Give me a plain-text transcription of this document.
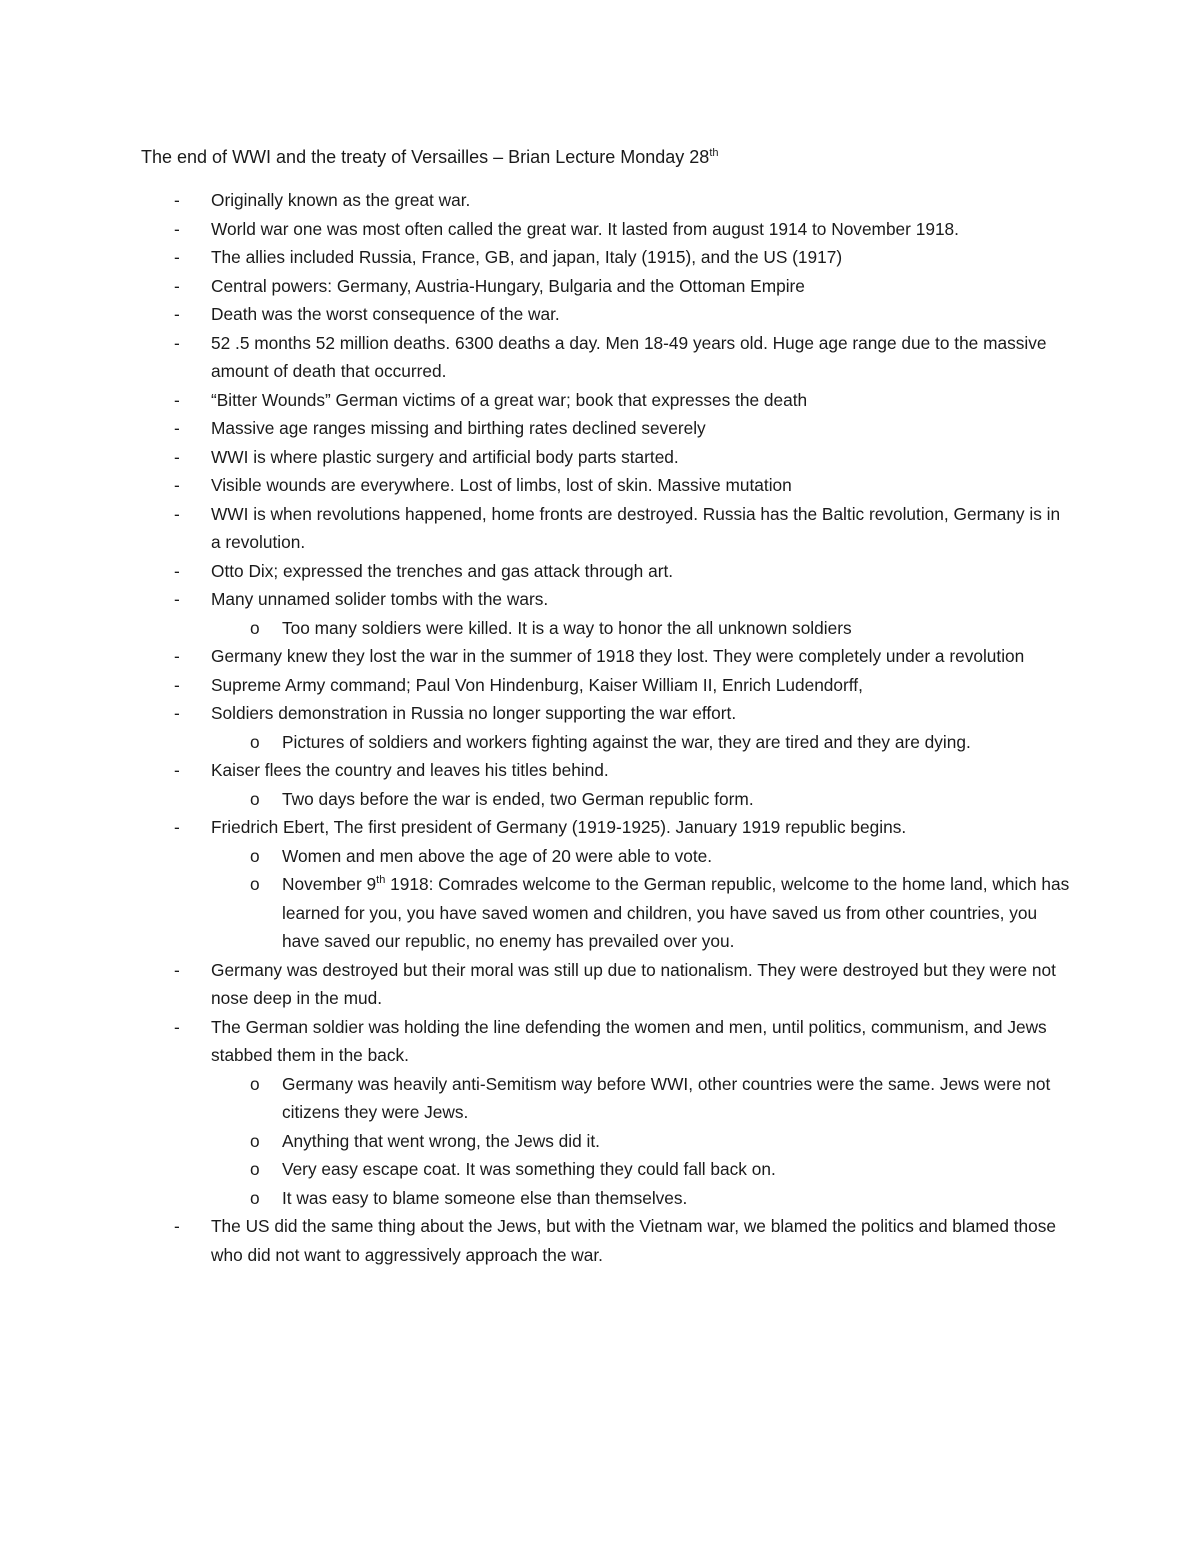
The end of WWI and the treaty of Versailles – Brian Lecture Monday 28th
- Originally known as the great war.
- World war one was most often called the great war. It lasted from august 1914 to November 1918.
- The allies included Russia, France, GB, and japan, Italy (1915), and the US (1917)
- Central powers: Germany, Austria-Hungary, Bulgaria and the Ottoman Empire
- Death was the worst consequence of the war.
- 52 .5 months 52 million deaths. 6300 deaths a day. Men 18-49 years old. Huge age range due to the massive amount of death that occurred.
- “Bitter Wounds” German victims of a great war; book that expresses the death
- Massive age ranges missing and birthing rates declined severely
- WWI is where plastic surgery and artificial body parts started.
- Visible wounds are everywhere. Lost of limbs, lost of skin. Massive mutation
- WWI is when revolutions happened, home fronts are destroyed. Russia has the Baltic revolution, Germany is in a revolution.
- Otto Dix; expressed the trenches and gas attack through art.
- Many unnamed solider tombs with the wars.
o Too many soldiers were killed. It is a way to honor the all unknown soldiers
- Germany knew they lost the war in the summer of 1918 they lost. They were completely under a revolution
- Supreme Army command; Paul Von Hindenburg, Kaiser William II, Enrich Ludendorff,
- Soldiers demonstration in Russia no longer supporting the war effort.
o Pictures of soldiers and workers fighting against the war, they are tired and they are dying.
- Kaiser flees the country and leaves his titles behind.
o Two days before the war is ended, two German republic form.
- Friedrich Ebert, The first president of Germany (1919-1925). January 1919 republic begins.
o Women and men above the age of 20 were able to vote.
o November 9th 1918: Comrades welcome to the German republic, welcome to the home land, which has learned for you, you have saved women and children, you have saved us from other countries, you have saved our republic, no enemy has prevailed over you.
- Germany was destroyed but their moral was still up due to nationalism. They were destroyed but they were not nose deep in the mud.
- The German soldier was holding the line defending the women and men, until politics, communism, and Jews stabbed them in the back.
o Germany was heavily anti-Semitism way before WWI, other countries were the same. Jews were not citizens they were Jews.
o Anything that went wrong, the Jews did it.
o Very easy escape coat. It was something they could fall back on.
o It was easy to blame someone else than themselves.
- The US did the same thing about the Jews, but with the Vietnam war, we blamed the politics and blamed those who did not want to aggressively approach the war.
